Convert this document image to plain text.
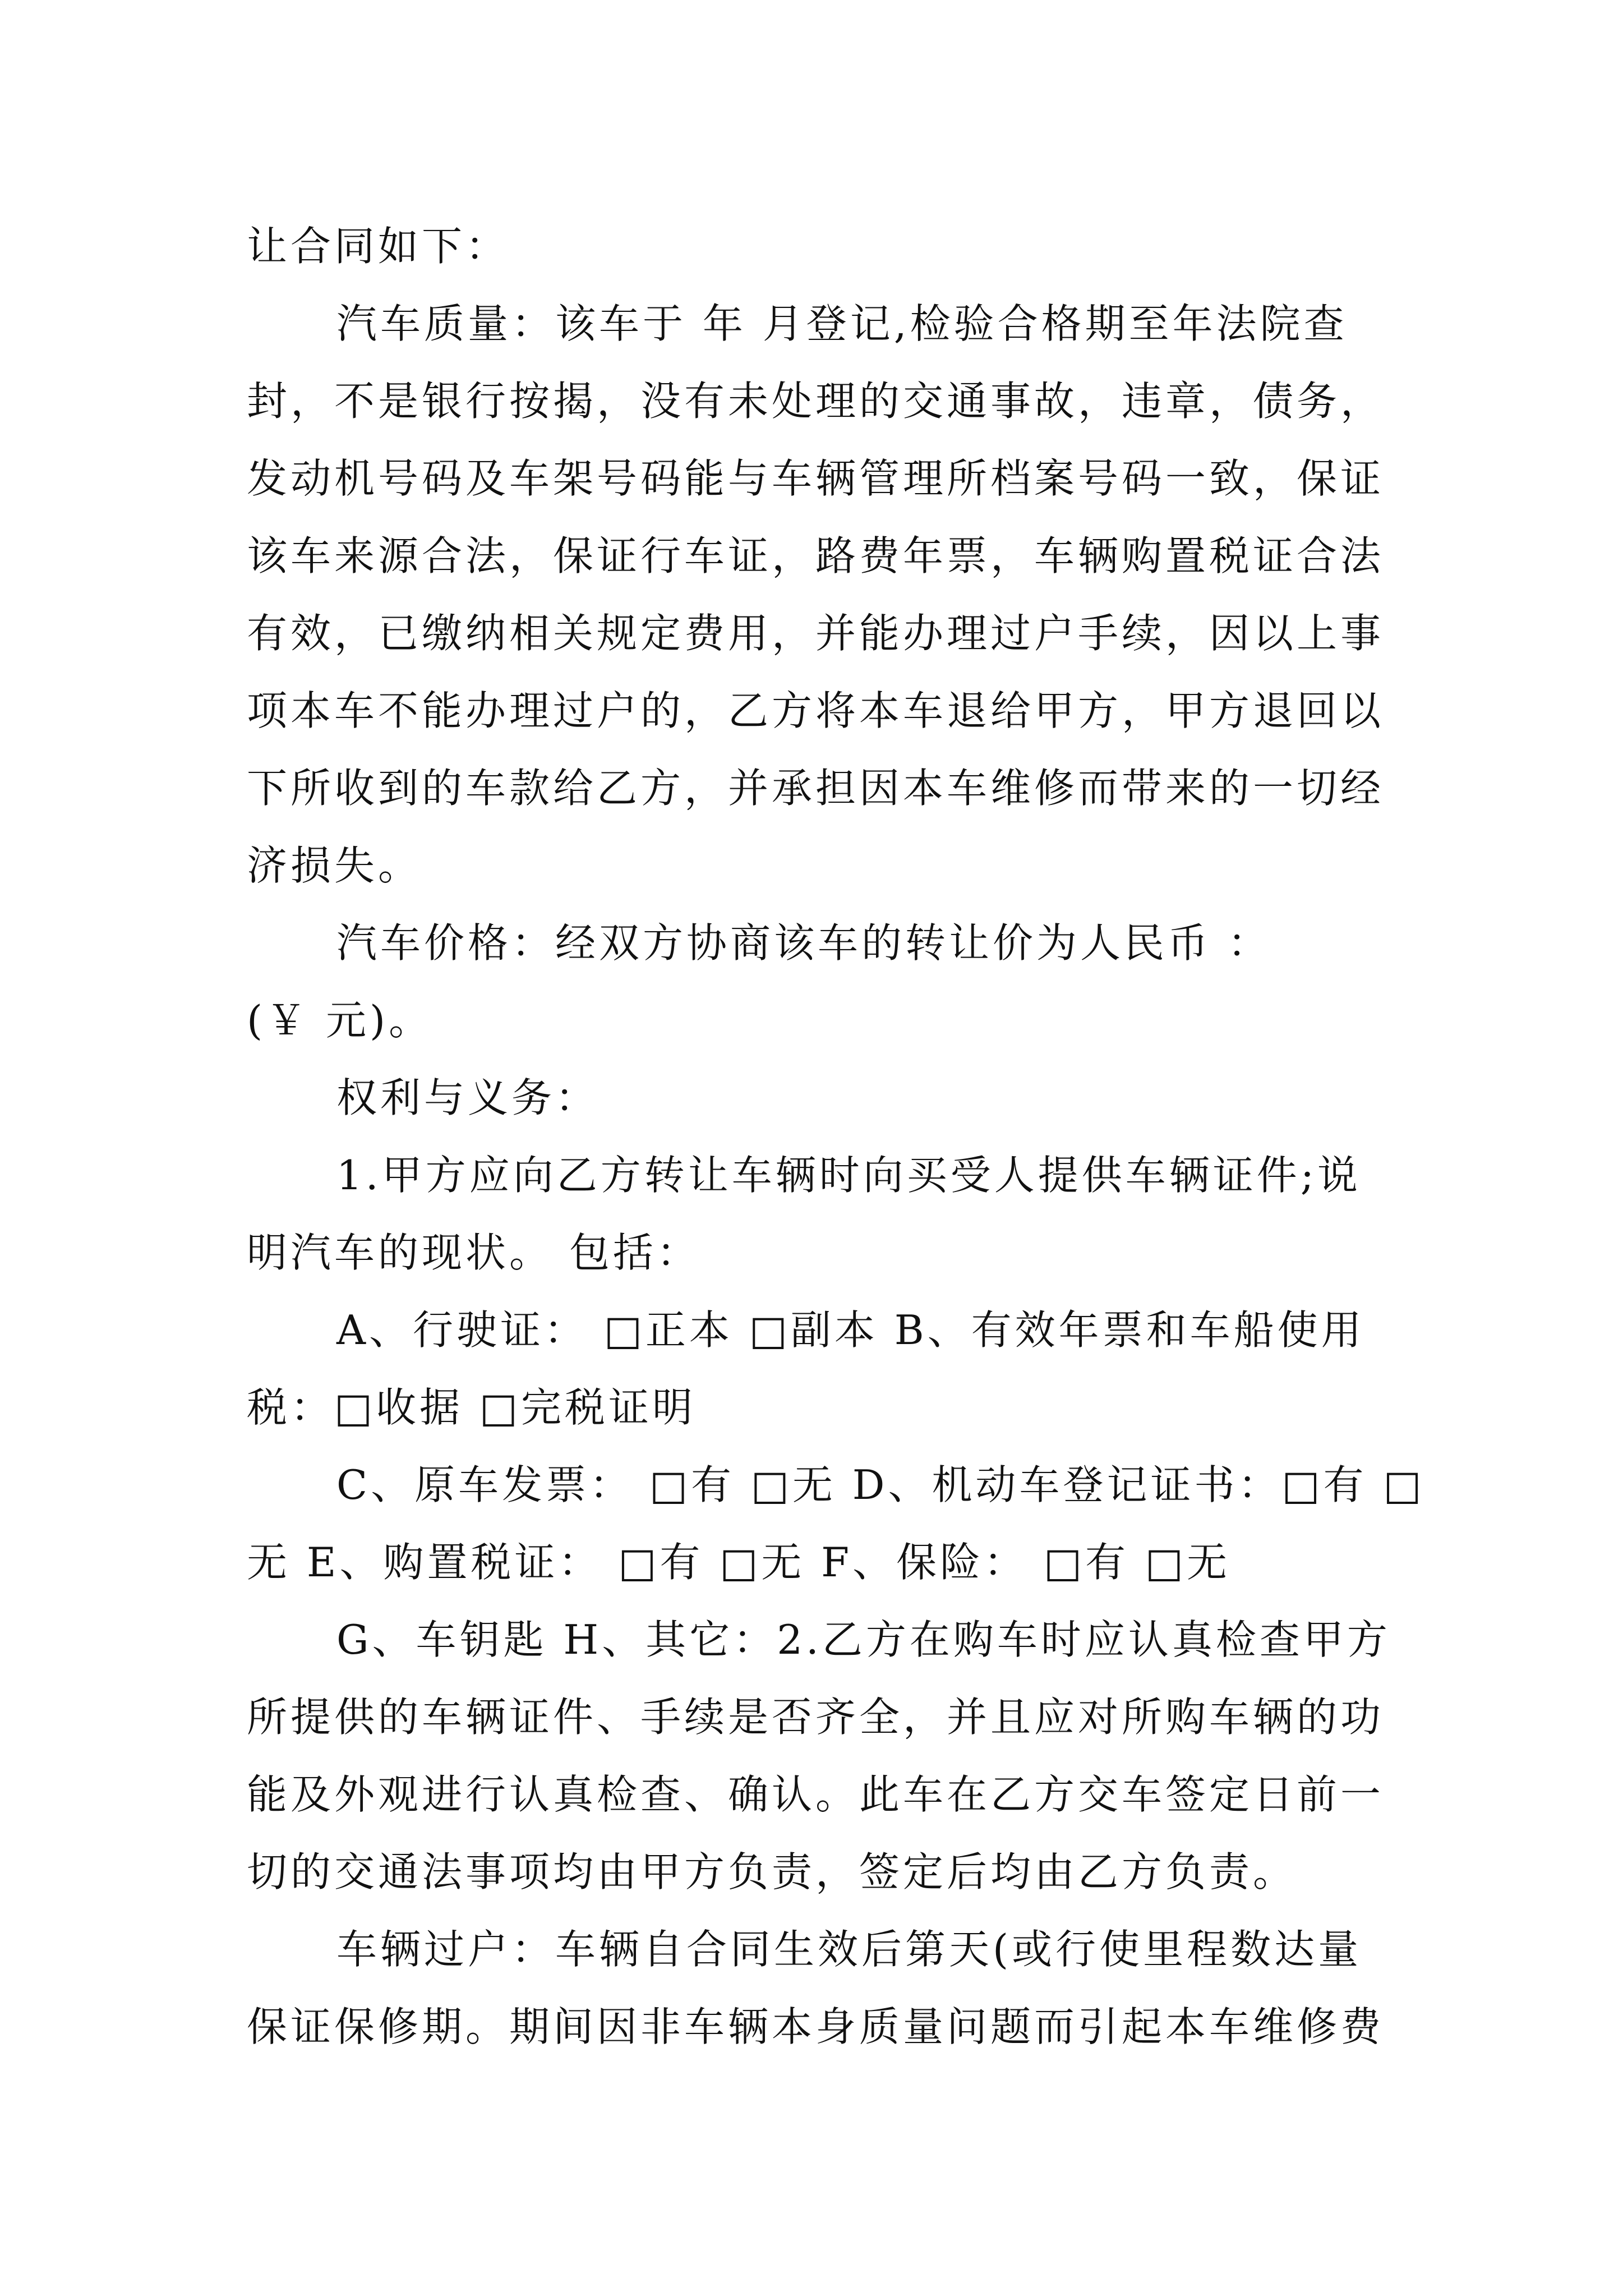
让合同如下：
汽车质量：该车于 年 月登记,检验合格期至年法院查
封，不是银行按揭，没有未处理的交通事故，违章，债务，
发动机号码及车架号码能与车辆管理所档案号码一致，保证
该车来源合法，保证行车证，路费年票，车辆购置税证合法
有效，已缴纳相关规定费用，并能办理过户手续，因以上事
项本车不能办理过户的，乙方将本车退给甲方，甲方退回以
下所收到的车款给乙方，并承担因本车维修而带来的一切经
济损失。
汽车价格：经双方协商该车的转让价为人民币 ：
(￥ 元)。
权利与义务：
1.甲方应向乙方转让车辆时向买受人提供车辆证件;说
明汽车的现状。 包括：
A、行驶证： □正本 □副本 B、有效年票和车船使用
税：□收据 □完税证明
C、原车发票： □有 □无 D、机动车登记证书：□有 □
无 E、购置税证： □有 □无 F、保险： □有 □无
G、车钥匙 H、其它：2.乙方在购车时应认真检查甲方
所提供的车辆证件、手续是否齐全，并且应对所购车辆的功
能及外观进行认真检查、确认。此车在乙方交车签定日前一
切的交通法事项均由甲方负责，签定后均由乙方负责。
车辆过户：车辆自合同生效后第天(或行使里程数达量
保证保修期。期间因非车辆本身质量问题而引起本车维修费
